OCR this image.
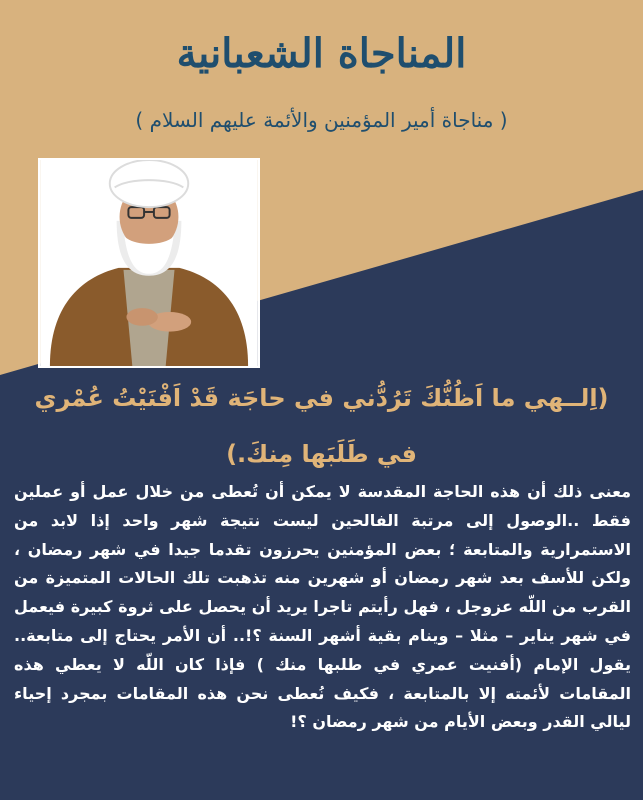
المناجاة الشعبانية
( مناجاة أمير المؤمنين والأئمة عليهم السلام )
(اِلــهي ما اَظُنُّكَ تَرُدُّني في حاجَة قَدْ اَفْنَيْتُ عُمْري
في طَلَبَها مِنكَ.)
معنى ذلك أن هذه الحاجة المقدسة لا يمكن أن تُعطى من خلال عمل أو عملين فقط ..الوصول إلى مرتبة الفالحين ليست نتيجة شهر واحد إذا لابد من الاستمرارية والمتابعة ؛ بعض المؤمنين يحرزون تقدما جيدا في شهر رمضان ، ولكن للأسف بعد شهر رمضان أو شهرين منه تذهبت تلك الحالات المتميزة من القرب من اللّه عزوجل ، فهل رأيتم تاجرا يريد أن يحصل على ثروة كبيرة فيعمل في شهر يناير – مثلا – وينام بقية أشهر السنة ؟!.. أن الأمر يحتاج إلى متابعة.. يقول الإمام (أفنيت عمري في طلبها منك ) فإذا كان اللّه لا يعطي هذه المقامات لأئمته إلا بالمتابعة ، فكيف نُعطى نحن هذه المقامات بمجرد إحياء ليالي القدر وبعض الأيام من شهر رمضان ؟!
